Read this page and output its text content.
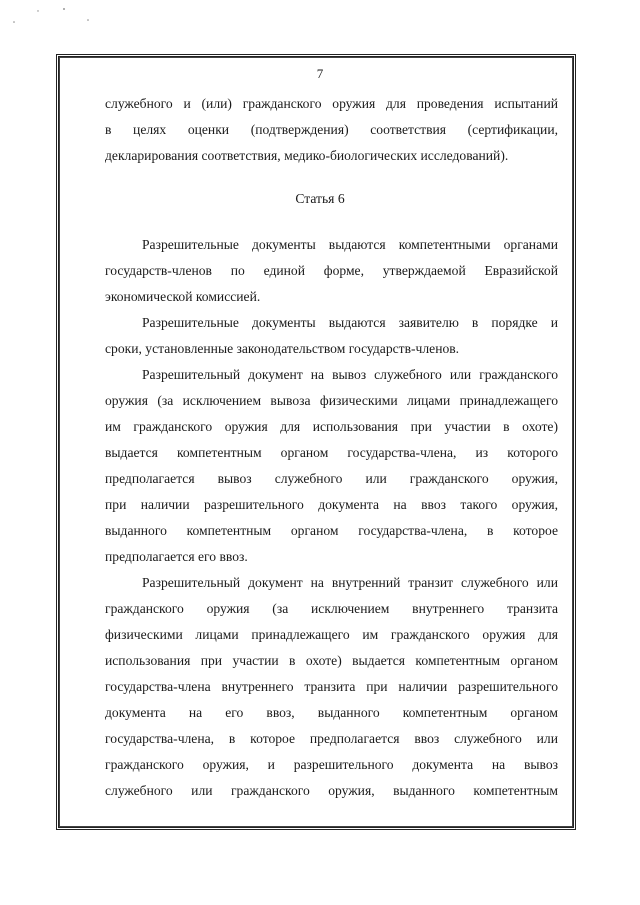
7
служебного и (или) гражданского оружия для проведения испытаний
в целях оценки (подтверждения) соответствия (сертификации,
декларирования соответствия, медико-биологических исследований).
Статья 6
Разрешительные документы выдаются компетентными органами
государств-членов по единой форме, утверждаемой Евразийской
экономической комиссией.
Разрешительные документы выдаются заявителю в порядке и
сроки, установленные законодательством государств-членов.
Разрешительный документ на вывоз служебного или гражданского
оружия (за исключением вывоза физическими лицами принадлежащего
им гражданского оружия для использования при участии в охоте)
выдается компетентным органом государства-члена, из которого
предполагается вывоз служебного или гражданского оружия,
при наличии разрешительного документа на ввоз такого оружия,
выданного компетентным органом государства-члена, в которое
предполагается его ввоз.
Разрешительный документ на внутренний транзит служебного или
гражданского оружия (за исключением внутреннего транзита
физическими лицами принадлежащего им гражданского оружия для
использования при участии в охоте) выдается компетентным органом
государства-члена внутреннего транзита при наличии разрешительного
документа на его ввоз, выданного компетентным органом
государства-члена, в которое предполагается ввоз служебного или
гражданского оружия, и разрешительного документа на вывоз
служебного или гражданского оружия, выданного компетентным
